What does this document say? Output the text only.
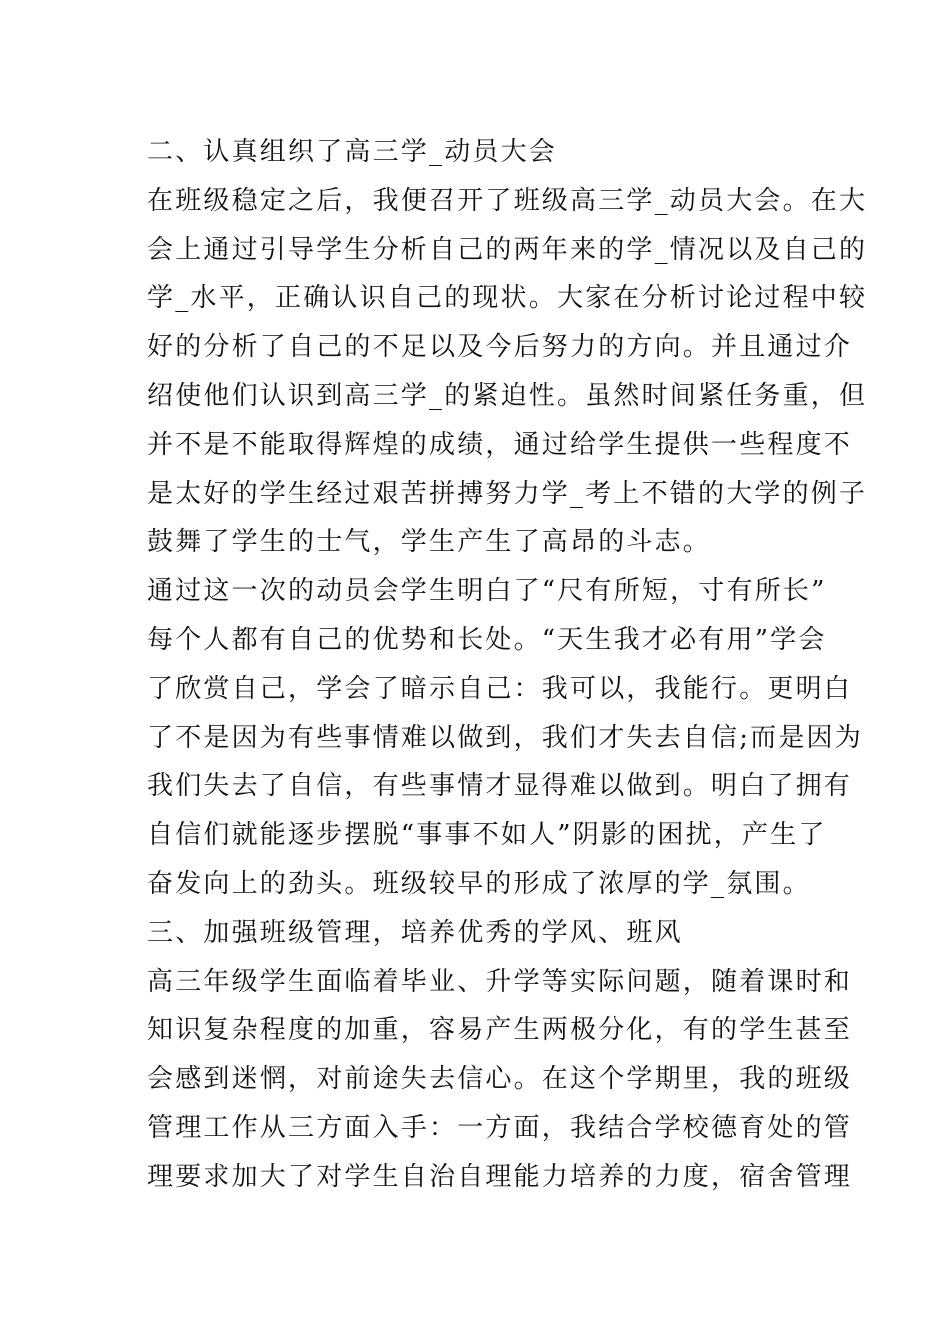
二、认真组织了高三学_动员大会
在班级稳定之后，我便召开了班级高三学_动员大会。在大
会上通过引导学生分析自己的两年来的学_情况以及自己的
学_水平，正确认识自己的现状。大家在分析讨论过程中较
好的分析了自己的不足以及今后努力的方向。并且通过介
绍使他们认识到高三学_的紧迫性。虽然时间紧任务重，但
并不是不能取得辉煌的成绩，通过给学生提供一些程度不
是太好的学生经过艰苦拼搏努力学_考上不错的大学的例子
鼓舞了学生的士气，学生产生了高昂的斗志。
通过这一次的动员会学生明白了“尺有所短，寸有所长”
每个人都有自己的优势和长处。“天生我才必有用”学会
了欣赏自己，学会了暗示自己：我可以，我能行。更明白
了不是因为有些事情难以做到，我们才失去自信;而是因为
我们失去了自信，有些事情才显得难以做到。明白了拥有
自信们就能逐步摆脱“事事不如人”阴影的困扰，产生了
奋发向上的劲头。班级较早的形成了浓厚的学_氛围。
三、加强班级管理，培养优秀的学风、班风
高三年级学生面临着毕业、升学等实际问题，随着课时和
知识复杂程度的加重，容易产生两极分化，有的学生甚至
会感到迷惘，对前途失去信心。在这个学期里，我的班级
管理工作从三方面入手：一方面，我结合学校德育处的管
理要求加大了对学生自治自理能力培养的力度，宿舍管理
